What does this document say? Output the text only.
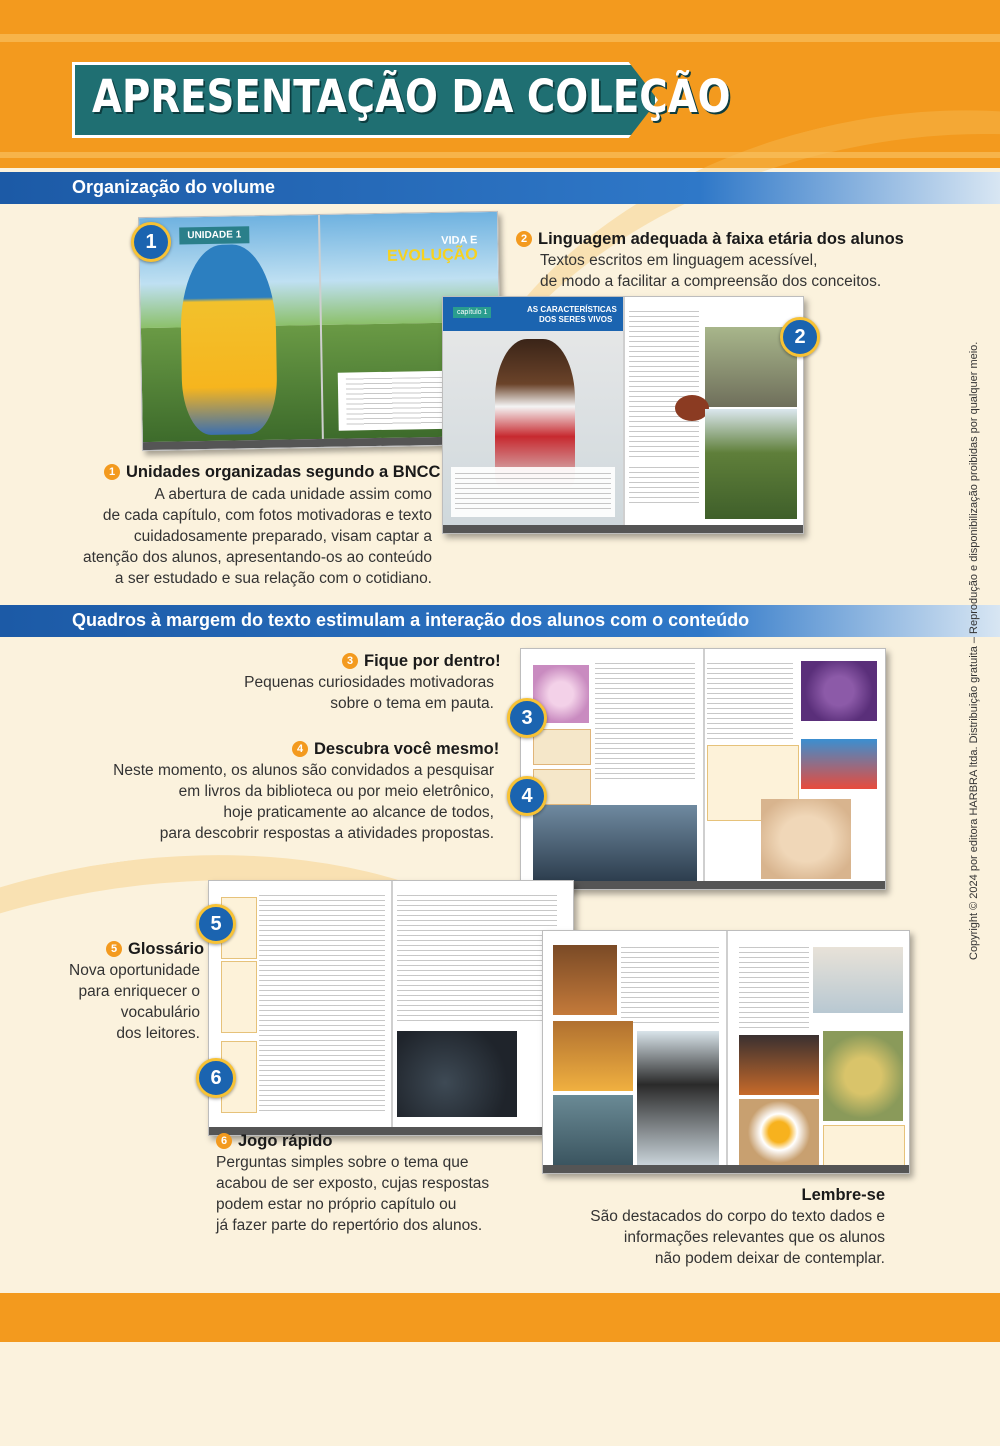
APRESENTAÇÃO DA COLEÇÃO
Organização do volume
UNIDADE 1	VIDA E
EVOLUÇÃO
capítulo 1	AS CARACTERÍSTICAS
DOS SERES VIVOS
1
2
2 Linguagem adequada à faixa etária dos alunos
Textos escritos em linguagem acessível,
de modo a facilitar a compreensão dos conceitos.
1 Unidades organizadas segundo a BNCC
A abertura de cada unidade assim como
de cada capítulo, com fotos motivadoras e texto
cuidadosamente preparado, visam captar a
atenção dos alunos, apresentando-os ao conteúdo
a ser estudado e sua relação com o cotidiano.
Quadros à margem do texto estimulam a interação dos alunos com o conteúdo
3
4
3 Fique por dentro!
Pequenas curiosidades motivadoras
sobre o tema em pauta.
4 Descubra você mesmo!
Neste momento, os alunos são convidados a pesquisar
em livros da biblioteca ou por meio eletrônico,
hoje praticamente ao alcance de todos,
para descobrir respostas a atividades propostas.
5
6
5 Glossário
Nova oportunidade
para enriquecer o
vocabulário
dos leitores.
6 Jogo rápido
Perguntas simples sobre o tema que
acabou de ser exposto, cujas respostas
podem estar no próprio capítulo ou
já fazer parte do repertório dos alunos.
Lembre-se
São destacados do corpo do texto dados e
informações relevantes que os alunos
não podem deixar de contemplar.
Copyright © 2024 por editora HARBRA ltda. Distribuição gratuita – Reprodução e disponibilização proibidas por qualquer meio.
